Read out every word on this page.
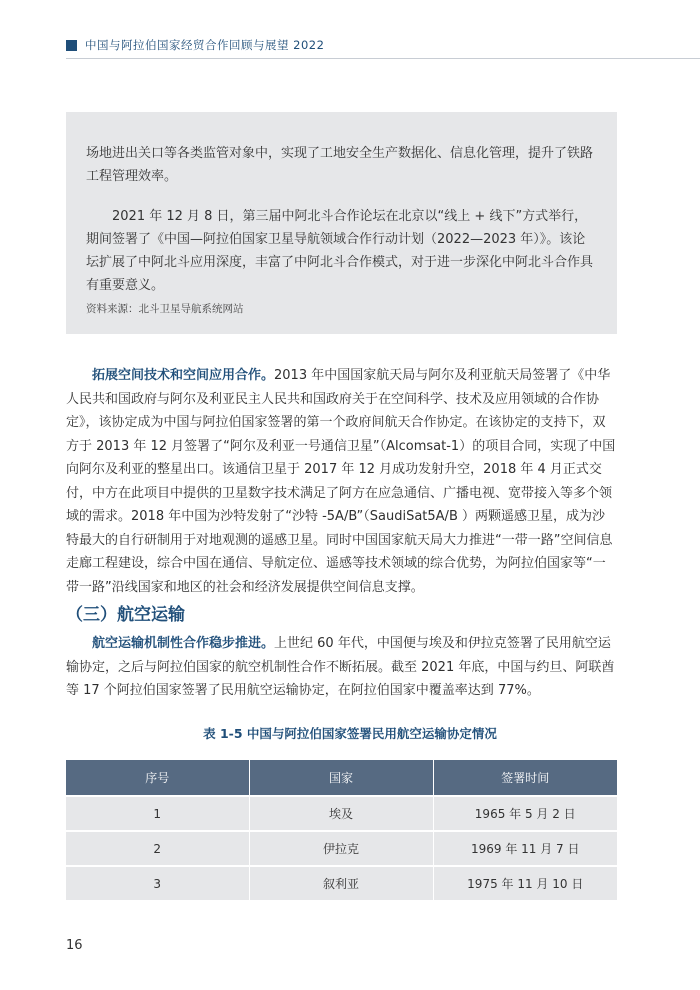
中国与阿拉伯国家经贸合作回顾与展望 2022

场地进出关口等各类监管对象中，实现了工地安全生产数据化、信息化管理，提升了铁路工程管理效率。

2021 年 12 月 8 日，第三届中阿北斗合作论坛在北京以“线上 + 线下”方式举行，期间签署了《中国—阿拉伯国家卫星导航领域合作行动计划（2022—2023 年）》。该论坛扩展了中阿北斗应用深度，丰富了中阿北斗合作模式，对于进一步深化中阿北斗合作具有重要意义。

资料来源：北斗卫星导航系统网站

拓展空间技术和空间应用合作。2013 年中国国家航天局与阿尔及利亚航天局签署了《中华人民共和国政府与阿尔及利亚民主人民共和国政府关于在空间科学、技术及应用领域的合作协定》，该协定成为中国与阿拉伯国家签署的第一个政府间航天合作协定。在该协定的支持下，双方于 2013 年 12 月签署了“阿尔及利亚一号通信卫星”（Alcomsat-1）的项目合同，实现了中国向阿尔及利亚的整星出口。该通信卫星于 2017 年 12 月成功发射升空，2018 年 4 月正式交付，中方在此项目中提供的卫星数字技术满足了阿方在应急通信、广播电视、宽带接入等多个领域的需求。2018 年中国为沙特发射了“沙特 -5A/B”（SaudiSat5A/B ）两颗遥感卫星，成为沙特最大的自行研制用于对地观测的遥感卫星。同时中国国家航天局大力推进“一带一路”空间信息走廊工程建设，综合中国在通信、导航定位、遥感等技术领域的综合优势，为阿拉伯国家等“一带一路”沿线国家和地区的社会和经济发展提供空间信息支撑。

（三）航空运输

航空运输机制性合作稳步推进。上世纪 60 年代，中国便与埃及和伊拉克签署了民用航空运输协定，之后与阿拉伯国家的航空机制性合作不断拓展。截至 2021 年底，中国与约旦、阿联酋等 17 个阿拉伯国家签署了民用航空运输协定，在阿拉伯国家中覆盖率达到 77%。

表 1-5 中国与阿拉伯国家签署民用航空运输协定情况
序号	国家	签署时间
1	埃及	1965 年 5 月 2 日
2	伊拉克	1969 年 11 月 7 日
3	叙利亚	1975 年 11 月 10 日
16
